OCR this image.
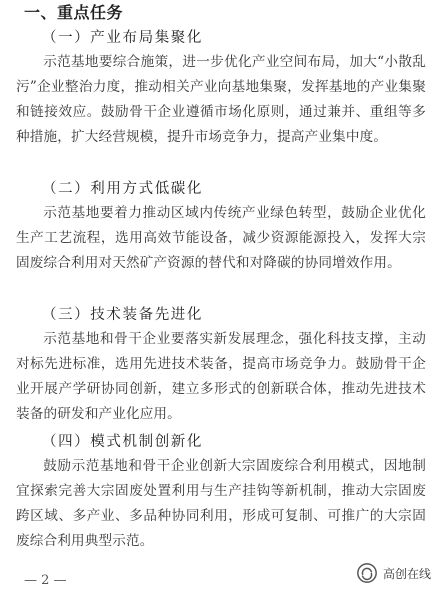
一、重点任务
（一）产业布局集聚化
示范基地要综合施策，进一步优化产业空间布局，加大“小散乱污”企业整治力度，推动相关产业向基地集聚，发挥基地的产业集聚和链接效应。鼓励骨干企业遵循市场化原则，通过兼并、重组等多种措施，扩大经营规模，提升市场竞争力，提高产业集中度。
（二）利用方式低碳化
示范基地要着力推动区域内传统产业绿色转型，鼓励企业优化生产工艺流程，选用高效节能设备，减少资源能源投入，发挥大宗固废综合利用对天然矿产资源的替代和对降碳的协同增效作用。
（三）技术装备先进化
示范基地和骨干企业要落实新发展理念，强化科技支撑，主动对标先进标准，选用先进技术装备，提高市场竞争力。鼓励骨干企业开展产学研协同创新，建立多形式的创新联合体，推动先进技术装备的研发和产业化应用。
（四）模式机制创新化
鼓励示范基地和骨干企业创新大宗固废综合利用模式，因地制宜探索完善大宗固废处置利用与生产挂钩等新机制，推动大宗固废跨区域、多产业、多品种协同利用，形成可复制、可推广的大宗固废综合利用典型示范。
— 2 —	高创在线
